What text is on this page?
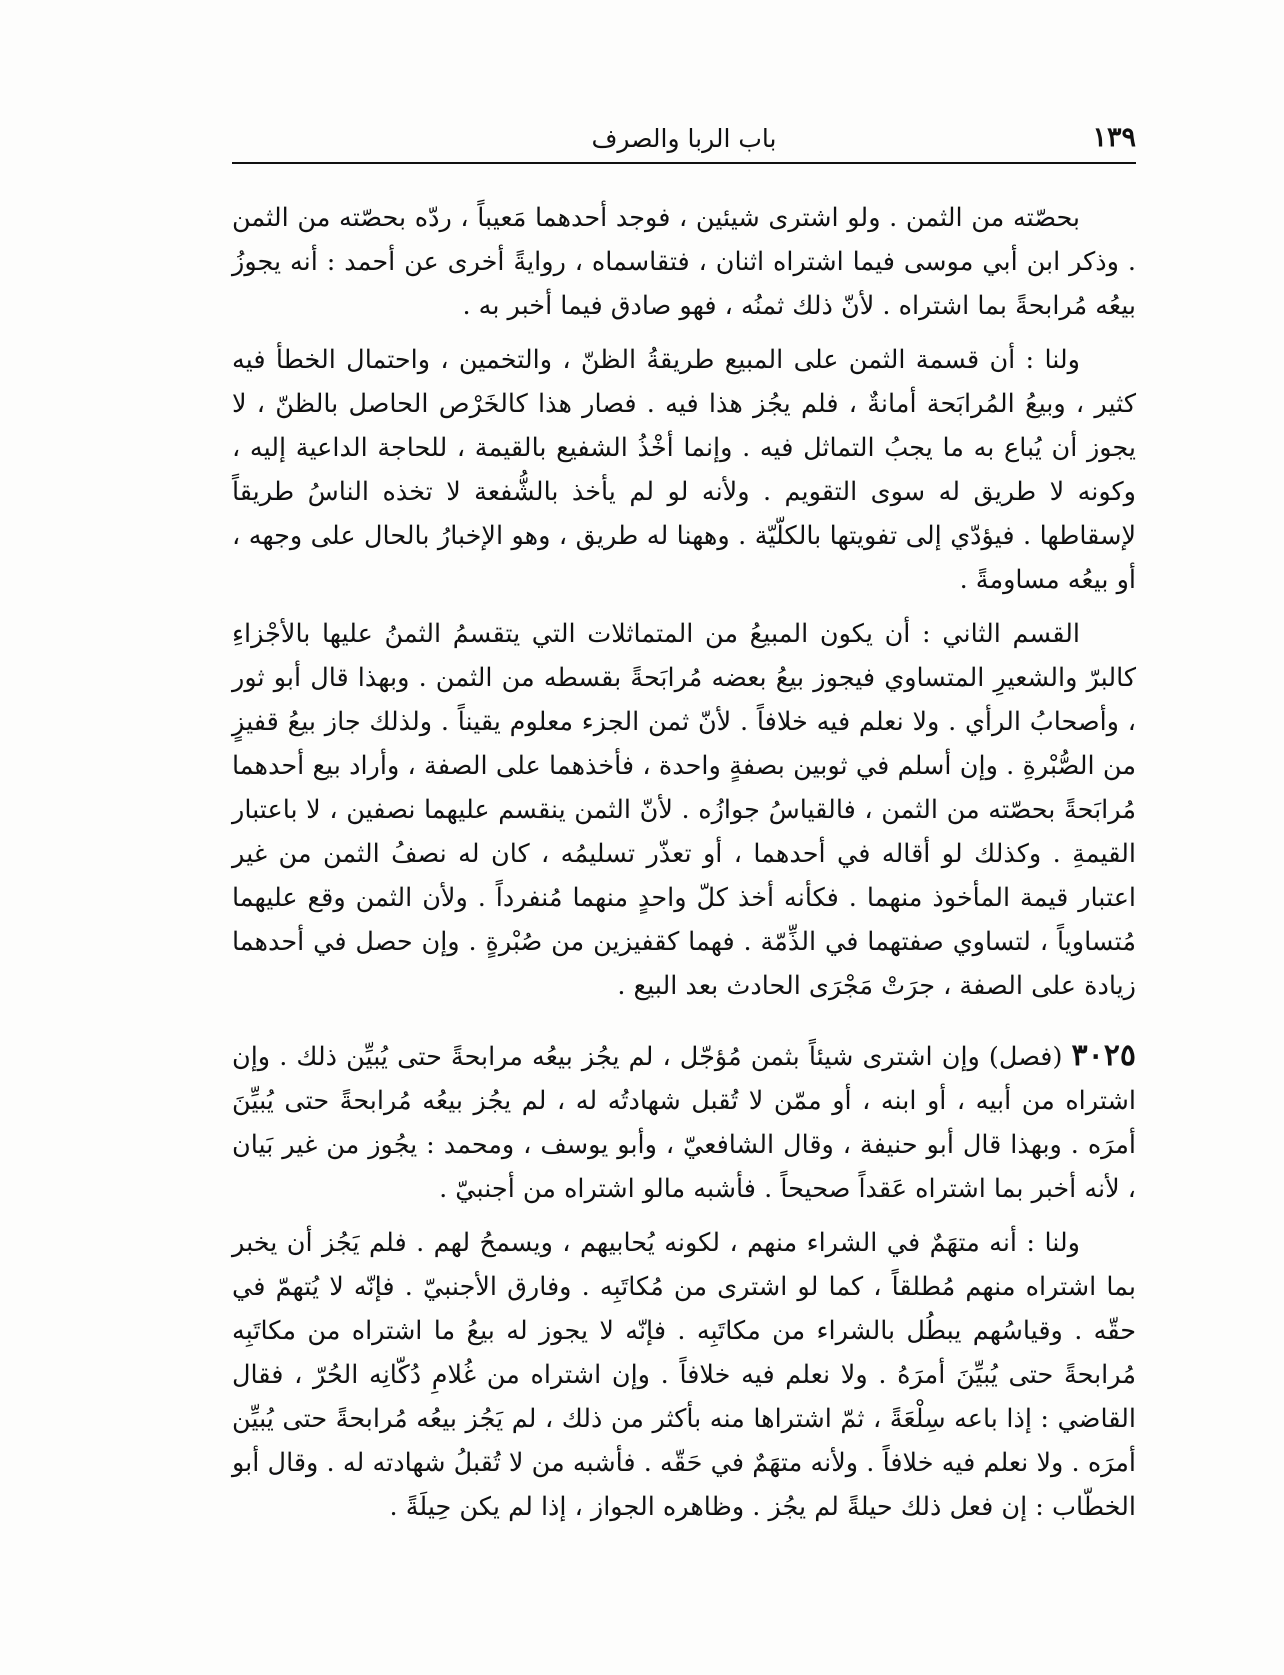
١٣٩
باب الربا والصرف

بحصّته من الثمن . ولو اشترى شيئين ، فوجد أحدهما مَعيباً ، ردّه بحصّته من الثمن . وذكر ابن أبي موسى فيما اشتراه اثنان ، فتقاسماه ، روايةً أخرى عن أحمد : أنه يجوزُ بيعُه مُرابحةً بما اشتراه . لأنّ ذلك ثمنُه ، فهو صادق فيما أخبر به .

ولنا : أن قسمة الثمن على المبيع طريقةُ الظنّ ، والتخمين ، واحتمال الخطأ فيه كثير ، وبيعُ المُرابَحة أمانةٌ ، فلم يجُز هذا فيه . فصار هذا كالخَرْص الحاصل بالظنّ ، لا يجوز أن يُباع به ما يجبُ التماثل فيه . وإنما أخْذُ الشفيع بالقيمة ، للحاجة الداعية إليه ، وكونه لا طريق له سوى التقويم . ولأنه لو لم يأخذ بالشُّفعة لا تخذه الناسُ طريقاً لإسقاطها . فيؤدّي إلى تفويتها بالكلّيّة . وههنا له طريق ، وهو الإخبارُ بالحال على وجهه ، أو بيعُه مساومةً .

القسم الثاني : أن يكون المبيعُ من المتماثلات التي يتقسمُ الثمنُ عليها بالأجْزاءِ كالبرّ والشعيرِ المتساوي فيجوز بيعُ بعضه مُرابَحةً بقسطه من الثمن . وبهذا قال أبو ثور ، وأصحابُ الرأي . ولا نعلم فيه خلافاً . لأنّ ثمن الجزء معلوم يقيناً . ولذلك جاز بيعُ قفيزٍ من الصُّبْرةِ . وإن أسلم في ثوبين بصفةٍ واحدة ، فأخذهما على الصفة ، وأراد بيع أحدهما مُرابَحةً بحصّته من الثمن ، فالقياسُ جوازُه . لأنّ الثمن ينقسم عليهما نصفين ، لا باعتبار القيمةِ . وكذلك لو أقاله في أحدهما ، أو تعذّر تسليمُه ، كان له نصفُ الثمن من غير اعتبار قيمة المأخوذ منهما . فكأنه أخذ كلّ واحدٍ منهما مُنفرداً . ولأن الثمن وقع عليهما مُتساوياً ، لتساوي صفتهما في الذِّمّة . فهما كقفيزين من صُبْرةٍ . وإن حصل في أحدهما زيادة على الصفة ، جرَتْ مَجْرَى الحادث بعد البيع .

٣٠٢٥ (فصل) وإن اشترى شيئاً بثمن مُؤجّل ، لم يجُز بيعُه مرابحةً حتى يُبيِّن ذلك . وإن اشتراه من أبيه ، أو ابنه ، أو ممّن لا تُقبل شهادتُه له ، لم يجُز بيعُه مُرابحةً حتى يُبيِّنَ أمرَه . وبهذا قال أبو حنيفة ، وقال الشافعيّ ، وأبو يوسف ، ومحمد : يجُوز من غير بَيان ، لأنه أخبر بما اشتراه عَقداً صحيحاً . فأشبه مالو اشتراه من أجنبيّ .

ولنا : أنه متهَمٌ في الشراء منهم ، لكونه يُحابيهم ، ويسمحُ لهم . فلم يَجُز أن يخبر بما اشتراه منهم مُطلقاً ، كما لو اشترى من مُكاتَبِه . وفارق الأجنبيّ . فإنّه لا يُتهمّ في حقّه . وقياسُهم يبطُل بالشراء من مكاتَبِه . فإنّه لا يجوز له بيعُ ما اشتراه من مكاتَبِه مُرابحةً حتى يُبيِّنَ أمرَهُ . ولا نعلم فيه خلافاً . وإن اشتراه من غُلامِ دُكّانِه الحُرّ ، فقال القاضي : إذا باعه سِلْعَةً ، ثمّ اشتراها منه بأكثر من ذلك ، لم يَجُز بيعُه مُرابحةً حتى يُبيِّن أمرَه . ولا نعلم فيه خلافاً . ولأنه متهَمٌ في حَقّه . فأشبه من لا تُقبلُ شهادته له . وقال أبو الخطّاب : إن فعل ذلك حيلةً لم يجُز . وظاهره الجواز ، إذا لم يكن حِيلَةً .
